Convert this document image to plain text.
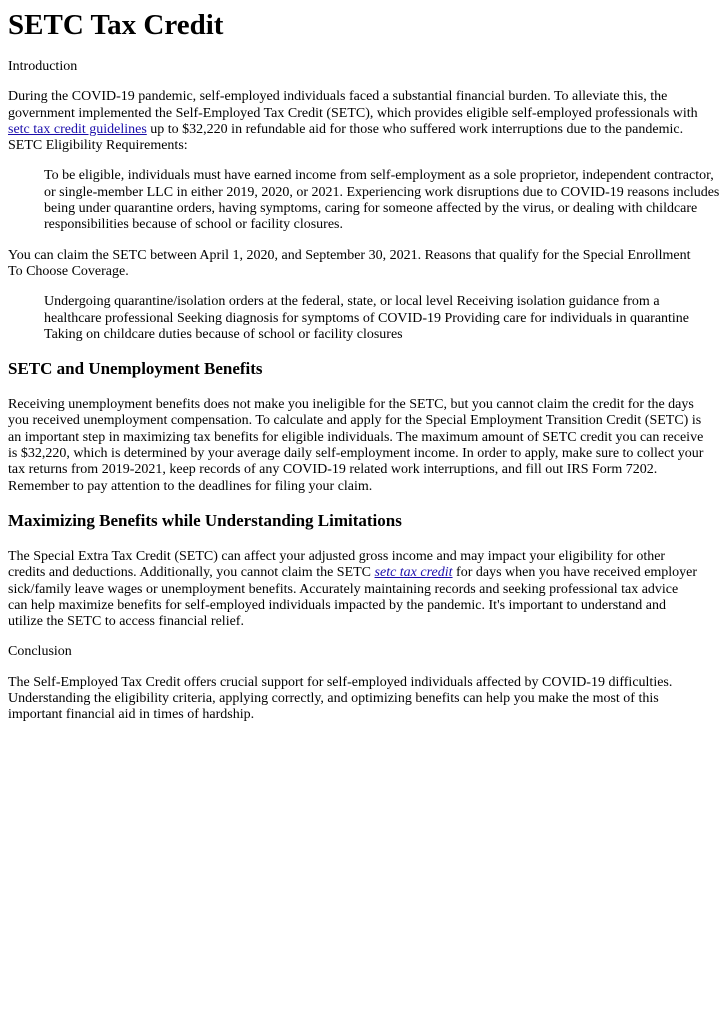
SETC Tax Credit

Introduction

During the COVID-19 pandemic, self-employed individuals faced a substantial financial burden. To alleviate this, the government implemented the Self-Employed Tax Credit (SETC), which provides eligible self-employed professionals with setc tax credit guidelines up to $32,220 in refundable aid for those who suffered work interruptions due to the pandemic. SETC Eligibility Requirements:

To be eligible, individuals must have earned income from self-employment as a sole proprietor, independent contractor, or single-member LLC in either 2019, 2020, or 2021. Experiencing work disruptions due to COVID-19 reasons includes being under quarantine orders, having symptoms, caring for someone affected by the virus, or dealing with childcare responsibilities because of school or facility closures.

You can claim the SETC between April 1, 2020, and September 30, 2021. Reasons that qualify for the Special Enrollment To Choose Coverage.

Undergoing quarantine/isolation orders at the federal, state, or local level Receiving isolation guidance from a healthcare professional Seeking diagnosis for symptoms of COVID-19 Providing care for individuals in quarantine Taking on childcare duties because of school or facility closures
SETC and Unemployment Benefits

Receiving unemployment benefits does not make you ineligible for the SETC, but you cannot claim the credit for the days you received unemployment compensation. To calculate and apply for the Special Employment Transition Credit (SETC) is an important step in maximizing tax benefits for eligible individuals. The maximum amount of SETC credit you can receive is $32,220, which is determined by your average daily self-employment income. In order to apply, make sure to collect your tax returns from 2019-2021, keep records of any COVID-19 related work interruptions, and fill out IRS Form 7202. Remember to pay attention to the deadlines for filing your claim.

Maximizing Benefits while Understanding Limitations

The Special Extra Tax Credit (SETC) can affect your adjusted gross income and may impact your eligibility for other credits and deductions. Additionally, you cannot claim the SETC setc tax credit for days when you have received employer sick/family leave wages or unemployment benefits. Accurately maintaining records and seeking professional tax advice can help maximize benefits for self-employed individuals impacted by the pandemic. It's important to understand and utilize the SETC to access financial relief.

Conclusion

The Self-Employed Tax Credit offers crucial support for self-employed individuals affected by COVID-19 difficulties. Understanding the eligibility criteria, applying correctly, and optimizing benefits can help you make the most of this important financial aid in times of hardship.
